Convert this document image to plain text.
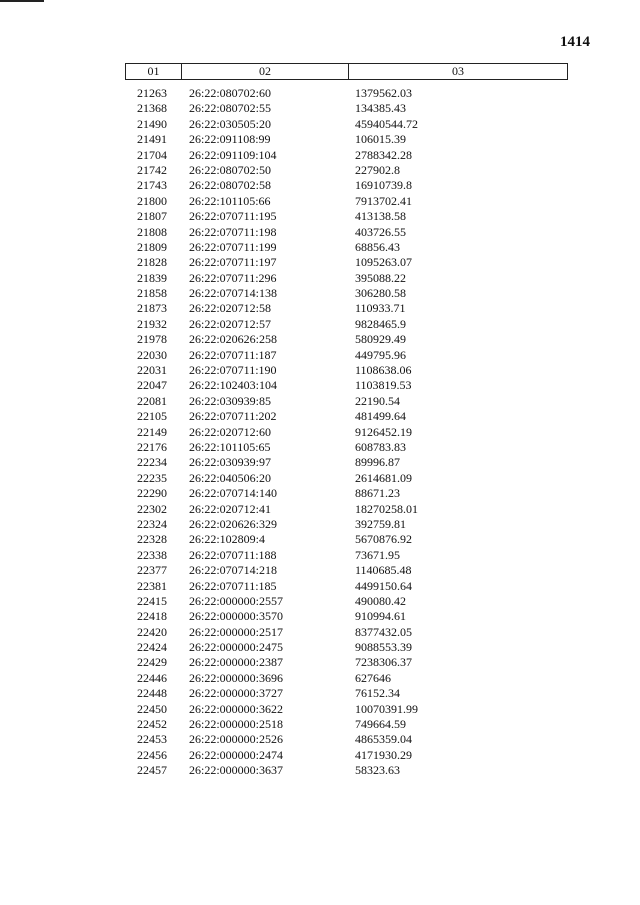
1414
01	02	03
21263 26:22:080702:60	1379562.03
21368 26:22:080702:55	134385.43
21490 26:22:030505:20	45940544.72
21491 26:22:091108:99	106015.39
21704 26:22:091109:104	2788342.28
21742 26:22:080702:50	227902.8
21743 26:22:080702:58	16910739.8
21800 26:22:101105:66	7913702.41
21807 26:22:070711:195	413138.58
21808 26:22:070711:198	403726.55
21809 26:22:070711:199	68856.43
21828 26:22:070711:197	1095263.07
21839 26:22:070711:296	395088.22
21858 26:22:070714:138	306280.58
21873 26:22:020712:58	110933.71
21932 26:22:020712:57	9828465.9
21978 26:22:020626:258	580929.49
22030 26:22:070711:187	449795.96
22031 26:22:070711:190	1108638.06
22047 26:22:102403:104	1103819.53
22081 26:22:030939:85	22190.54
22105 26:22:070711:202	481499.64
22149 26:22:020712:60	9126452.19
22176 26:22:101105:65	608783.83
22234 26:22:030939:97	89996.87
22235 26:22:040506:20	2614681.09
22290 26:22:070714:140	88671.23
22302 26:22:020712:41	18270258.01
22324 26:22:020626:329	392759.81
22328 26:22:102809:4	5670876.92
22338 26:22:070711:188	73671.95
22377 26:22:070714:218	1140685.48
22381 26:22:070711:185	4499150.64
22415 26:22:000000:2557	490080.42
22418 26:22:000000:3570	910994.61
22420 26:22:000000:2517	8377432.05
22424 26:22:000000:2475	9088553.39
22429 26:22:000000:2387	7238306.37
22446 26:22:000000:3696	627646
22448 26:22:000000:3727	76152.34
22450 26:22:000000:3622	10070391.99
22452 26:22:000000:2518	749664.59
22453 26:22:000000:2526	4865359.04
22456 26:22:000000:2474	4171930.29
22457 26:22:000000:3637	58323.63
